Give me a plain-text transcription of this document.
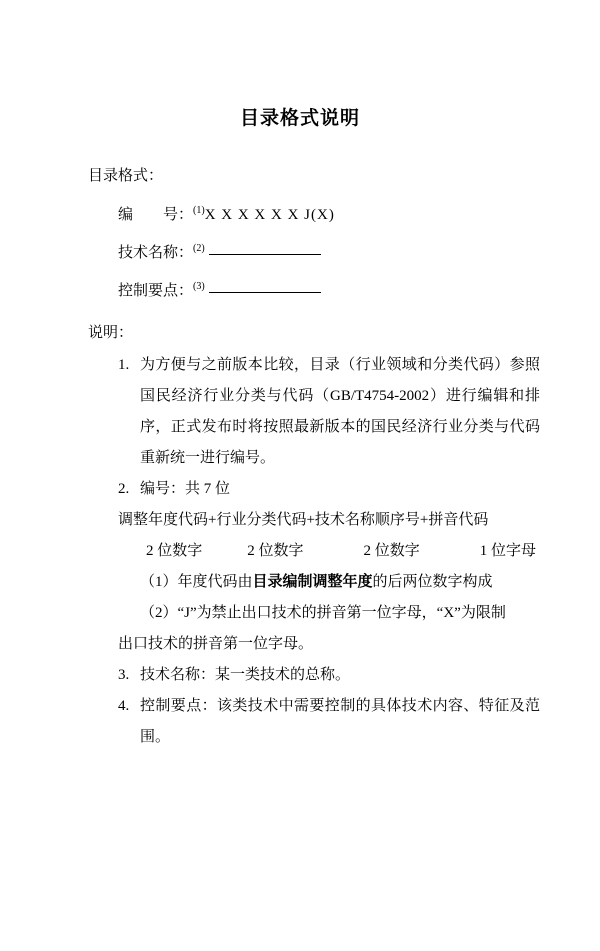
目录格式说明
目录格式：
编　　号：$^{(1)}$X X X X X X J(X)
技术名称：$^{(2)}$
控制要点：$^{(3)}$
说明：
1. 为方便与之前版本比较，目录（行业领域和分类代码）参照国民经济行业分类与代码（GB/T4754-2002）进行编辑和排序，正式发布时将按照最新版本的国民经济行业分类与代码重新统一进行编号。
2. 编号：共 7 位
调整年度代码+行业分类代码+技术名称顺序号+拼音代码
2 位数字　　　2 位数字　　　　2 位数字　　　　1 位字母
（1）年度代码由目录编制调整年度的后两位数字构成
（2）“J”为禁止出口技术的拼音第一位字母，“X”为限制
出口技术的拼音第一位字母。
3. 技术名称：某一类技术的总称。
4. 控制要点：该类技术中需要控制的具体技术内容、特征及范围。
